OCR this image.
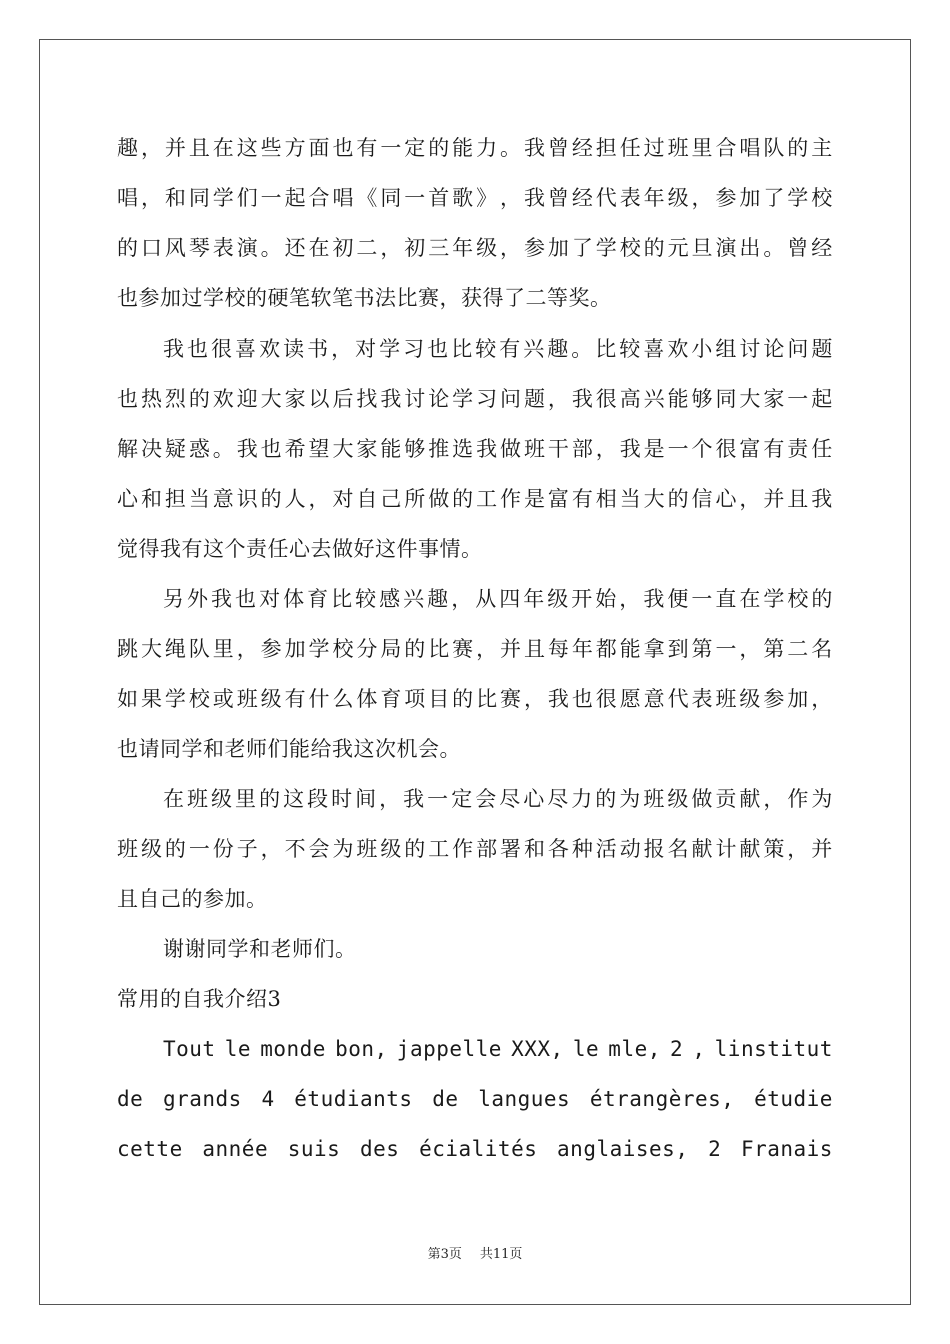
趣 ， 并 且 在 这 些 方 面 也 有 一 定 的 能 力 。 我 曾 经 担 任 过 班 里 合 唱 队 的 主
唱 ， 和 同 学 们 一 起 合 唱 《 同 一 首 歌 》 ， 我 曾 经 代 表 年 级 ， 参 加 了 学 校
的 口 风 琴 表 演 。 还 在 初 二 ， 初 三 年 级 ， 参 加 了 学 校 的 元 旦 演 出 。 曾 经
也参加过学校的硬笔软笔书法比赛，获得了二等奖。
我 也 很 喜 欢 读 书 ， 对 学 习 也 比 较 有 兴 趣 。 比 较 喜 欢 小 组 讨 论 问 题
也 热 烈 的 欢 迎 大 家 以 后 找 我 讨 论 学 习 问 题 ， 我 很 高 兴 能 够 同 大 家 一 起
解 决 疑 惑 。 我 也 希 望 大 家 能 够 推 选 我 做 班 干 部 ， 我 是 一 个 很 富 有 责 任
心 和 担 当 意 识 的 人 ， 对 自 己 所 做 的 工 作 是 富 有 相 当 大 的 信 心 ， 并 且 我
觉得我有这个责任心去做好这件事情。
另 外 我 也 对 体 育 比 较 感 兴 趣 ， 从 四 年 级 开 始 ， 我 便 一 直 在 学 校 的
跳 大 绳 队 里 ， 参 加 学 校 分 局 的 比 赛 ， 并 且 每 年 都 能 拿 到 第 一 ， 第 二 名
如 果 学 校 或 班 级 有 什 么 体 育 项 目 的 比 赛 ， 我 也 很 愿 意 代 表 班 级 参 加 ，
也请同学和老师们能给我这次机会。
在 班 级 里 的 这 段 时 间 ， 我 一 定 会 尽 心 尽 力 的 为 班 级 做 贡 献 ， 作 为
班 级 的 一 份 子 ， 不 会 为 班 级 的 工 作 部 署 和 各 种 活 动 报 名 献 计 献 策 ， 并
且自己的参加。
谢谢同学和老师们。
常用的自我介绍3
Tout le monde bon, jappelle XXX, le mle, 2 , linstitut
de grands 4 étudiants de langues étrangères, étudie
cette année suis des écialités anglaises, 2 Franais
第3页 共11页
